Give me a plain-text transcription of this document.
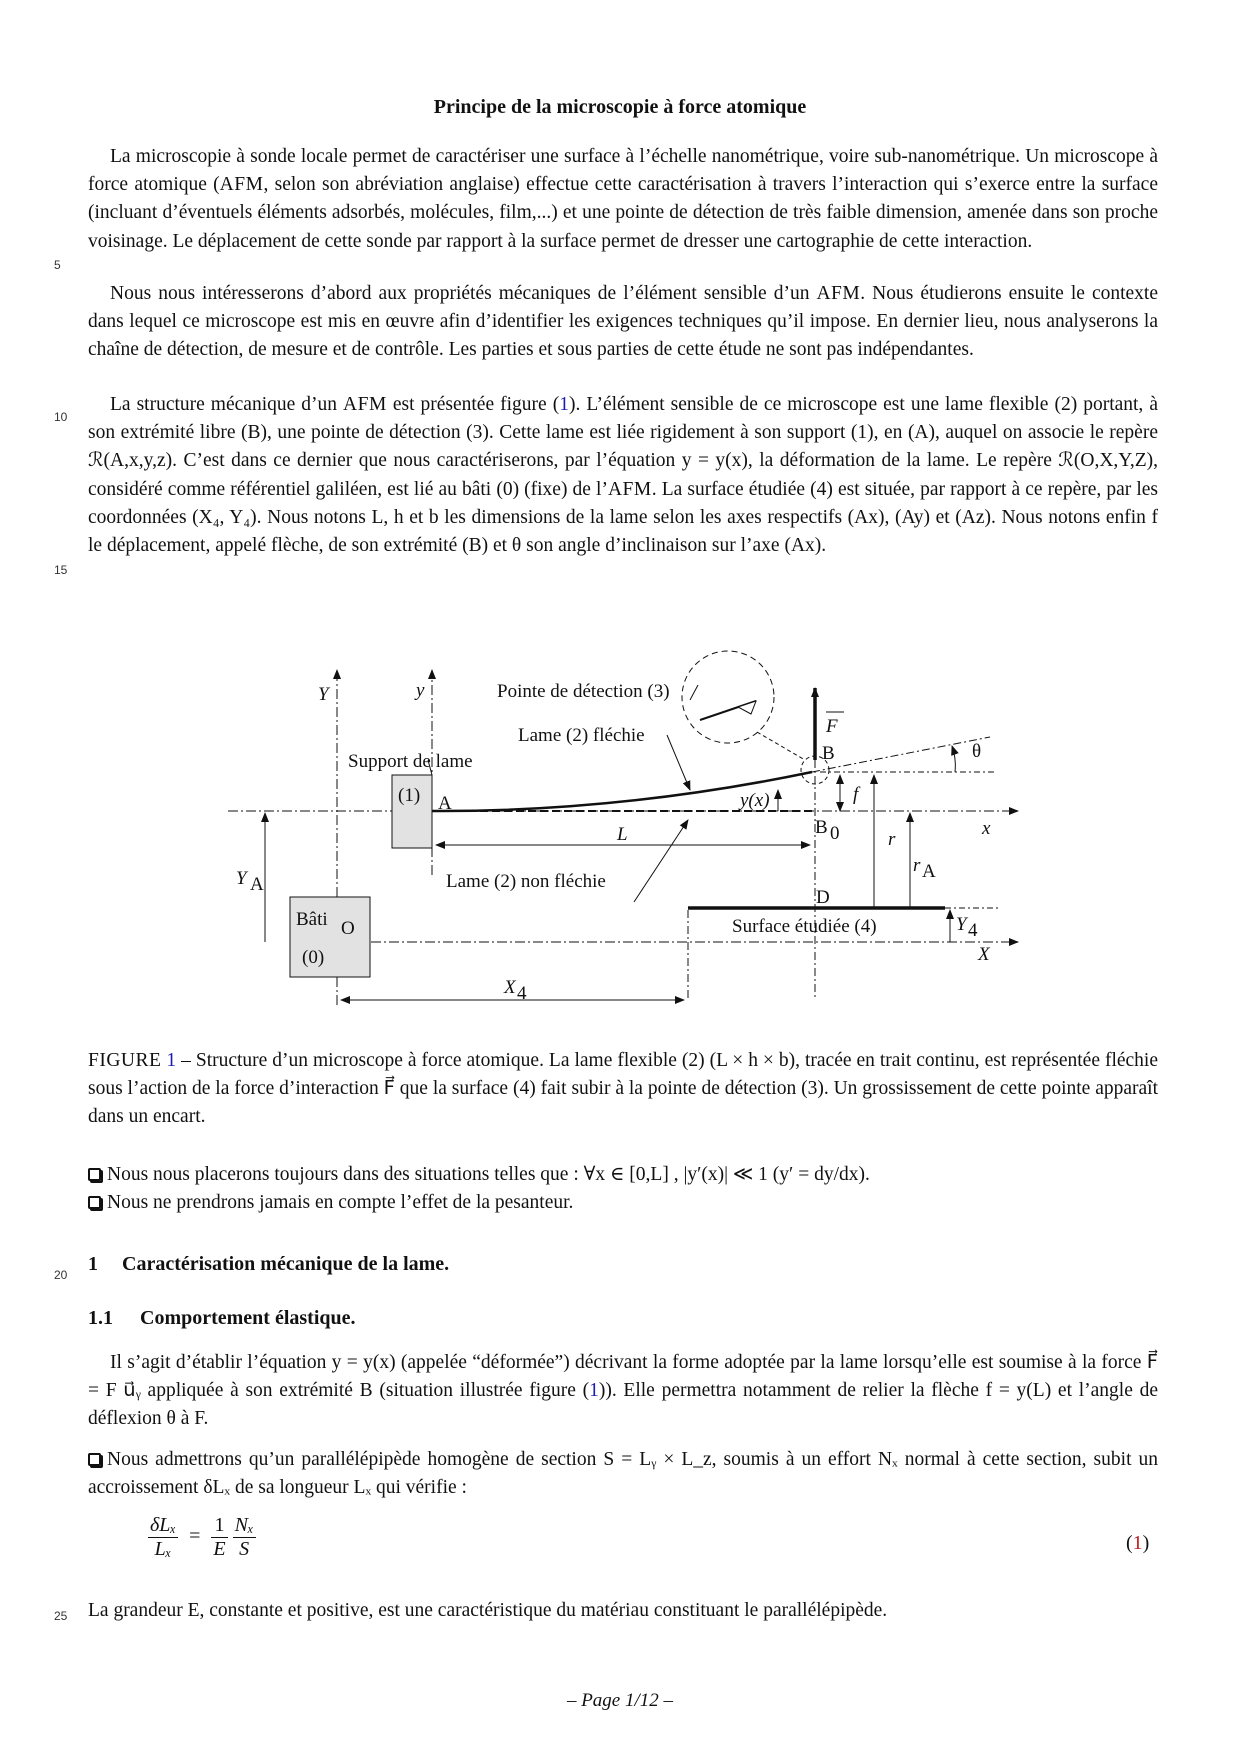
Principe de la microscopie à force atomique

La microscopie à sonde locale permet de caractériser une surface à l’échelle nanométrique, voire sub-nanométrique. Un microscope à force atomique (AFM, selon son abréviation anglaise) effectue cette caractérisation à travers l’interaction qui s’exerce entre la surface (incluant d’éventuels éléments adsorbés, molécules, film,...) et une pointe de détection de très faible dimension, amenée dans son proche voisinage. Le déplacement de cette sonde par rapport à la surface permet de dresser une cartographie de cette interaction.

Nous nous intéresserons d’abord aux propriétés mécaniques de l’élément sensible d’un AFM. Nous étudierons ensuite le contexte dans lequel ce microscope est mis en œuvre afin d’identifier les exigences techniques qu’il impose. En dernier lieu, nous analyserons la chaîne de détection, de mesure et de contrôle. Les parties et sous parties de cette étude ne sont pas indépendantes.

La structure mécanique d’un AFM est présentée figure (1). L’élément sensible de ce microscope est une lame flexible (2) portant, à son extrémité libre (B), une pointe de détection (3). Cette lame est liée rigidement à son support (1), en (A), auquel on associe le repère ℛ(A,x,y,z). C’est dans ce dernier que nous caractériserons, par l’équation y = y(x), la déformation de la lame. Le repère ℛ(O,X,Y,Z), considéré comme référentiel galiléen, est lié au bâti (0) (fixe) de l’AFM. La surface étudiée (4) est située, par rapport à ce repère, par les coordonnées (X₄, Y₄). Nous notons L, h et b les dimensions de la lame selon les axes respectifs (Ax), (Ay) et (Az). Nous notons enfin f le déplacement, appelé flèche, de son extrémité (B) et θ son angle d’inclinaison sur l’axe (Ax).

5
10
15
20
25
Y	y	Pointe de détection (3)
Lame (2) fléchie	F
B	θ
Support de lame
(1) A	y(x)	f
x
L	B 0	r
r A
Y A	Lame (2) non fléchie
D
Bâti
(0)
O	Surface étudiée (4)	Y 4
X
X 4

FIGURE 1 – Structure d’un microscope à force atomique. La lame flexible (2) (L × h × b), tracée en trait continu, est représentée fléchie sous l’action de la force d’interaction F⃗ que la surface (4) fait subir à la pointe de détection (3). Un grossissement de cette pointe apparaît dans un encart.

Nous nous placerons toujours dans des situations telles que : ∀x ∈ [0,L] , |y′(x)| ≪ 1 (y′ = dy/dx).
Nous ne prendrons jamais en compte l’effet de la pesanteur.
1 Caractérisation mécanique de la lame.
1.1 Comportement élastique.

Il s’agit d’établir l’équation y = y(x) (appelée “déformée”) décrivant la forme adoptée par la lame lorsqu’elle est soumise à la force F⃗ = F u⃗ᵧ appliquée à son extrémité B (situation illustrée figure (1)). Elle permettra notamment de relier la flèche f = y(L) et l’angle de déflexion θ à F.

Nous admettrons qu’un parallélépipède homogène de section S = Lᵧ × L_z, soumis à un effort Nₓ normal à cette section, subit un accroissement δLₓ de sa longueur Lₓ qui vérifie :
$\frac{\text{δLₓ}}{\text{Lₓ}} = \frac{1}{E}$
$\frac{\text{Nₓ}}{S}$	(1)

La grandeur E, constante et positive, est une caractéristique du matériau constituant le parallélépipède.

– Page 1/12 –
